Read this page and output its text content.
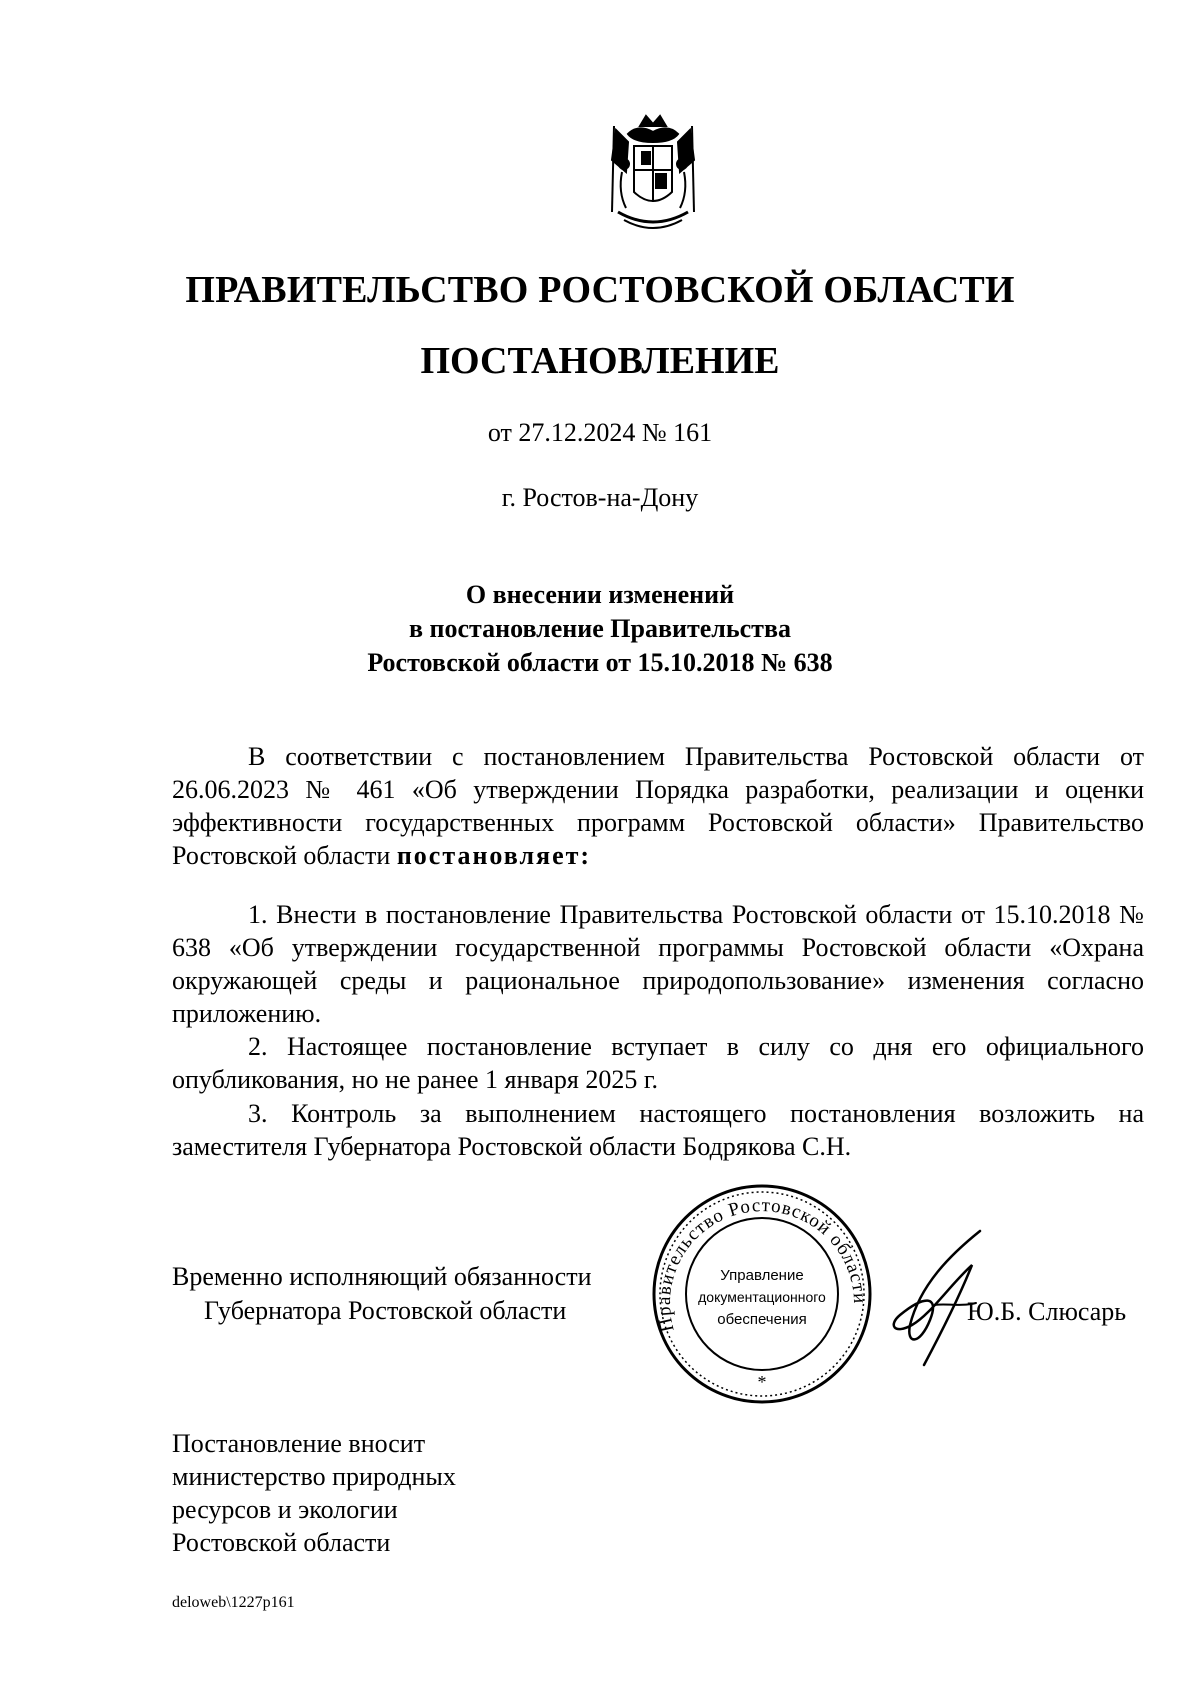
ПРАВИТЕЛЬСТВО РОСТОВСКОЙ ОБЛАСТИ
ПОСТАНОВЛЕНИЕ
от 27.12.2024 № 161
г. Ростов-на-Дону
О внесении изменений
в постановление Правительства
Ростовской области от 15.10.2018 № 638
В соответствии с постановлением Правительства Ростовской области от 26.06.2023 № 461 «Об утверждении Порядка разработки, реализации и оценки эффективности государственных программ Ростовской области» Правительство Ростовской области постановляет:
1. Внести в постановление Правительства Ростовской области от 15.10.2018 № 638 «Об утверждении государственной программы Ростовской области «Охрана окружающей среды и рациональное природопользование» изменения согласно приложению.
2. Настоящее постановление вступает в силу со дня его официального опубликования, но не ранее 1 января 2025 г.
3. Контроль за выполнением настоящего постановления возложить на заместителя Губернатора Ростовской области Бодрякова С.Н.
Временно исполняющий обязанности
Губернатора Ростовской области	Правительство Ростовской области
Управление
документационного
обеспечения
*
Ю.Б. Слюсарь
Постановление вносит
министерство природных
ресурсов и экологии
Ростовской области
deloweb\1227p161
